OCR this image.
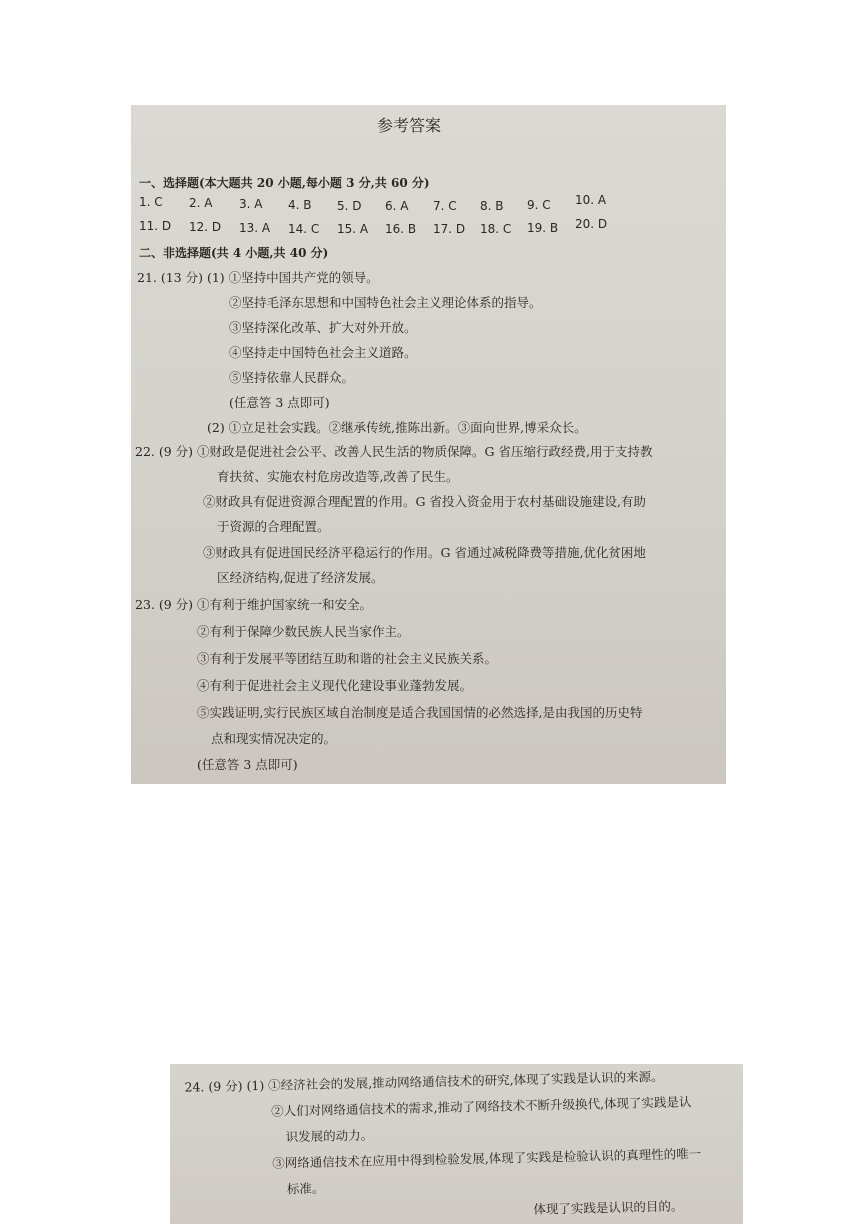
参考答案
一、选择题(本大题共 20 小题,每小题 3 分,共 60 分)
1. C 2. A 3. A 4. B 5. D 6. A 7. C 8. B 9. C 10. A
11. D 12. D 13. A 14. C 15. A 16. B 17. D 18. C 19. B 20. D
二、非选择题(共 4 小题,共 40 分)
21. (13 分) (1) ①坚持中国共产党的领导。
②坚持毛泽东思想和中国特色社会主义理论体系的指导。
③坚持深化改革、扩大对外开放。
④坚持走中国特色社会主义道路。
⑤坚持依靠人民群众。
(任意答 3 点即可)
(2) ①立足社会实践。②继承传统,推陈出新。③面向世界,博采众长。
22. (9 分) ①财政是促进社会公平、改善人民生活的物质保障。G 省压缩行政经费,用于支持教
育扶贫、实施农村危房改造等,改善了民生。
②财政具有促进资源合理配置的作用。G 省投入资金用于农村基础设施建设,有助
于资源的合理配置。
③财政具有促进国民经济平稳运行的作用。G 省通过减税降费等措施,优化贫困地
区经济结构,促进了经济发展。
23. (9 分) ①有利于维护国家统一和安全。
②有利于保障少数民族人民当家作主。
③有利于发展平等团结互助和谐的社会主义民族关系。
④有利于促进社会主义现代化建设事业蓬勃发展。
⑤实践证明,实行民族区域自治制度是适合我国国情的必然选择,是由我国的历史特
点和现实情况决定的。
(任意答 3 点即可)
24. (9 分) (1) ①经济社会的发展,推动网络通信技术的研究,体现了实践是认识的来源。
②人们对网络通信技术的需求,推动了网络技术不断升级换代,体现了实践是认
识发展的动力。
③网络通信技术在应用中得到检验发展,体现了实践是检验认识的真理性的唯一
标准。
体现了实践是认识的目的。
